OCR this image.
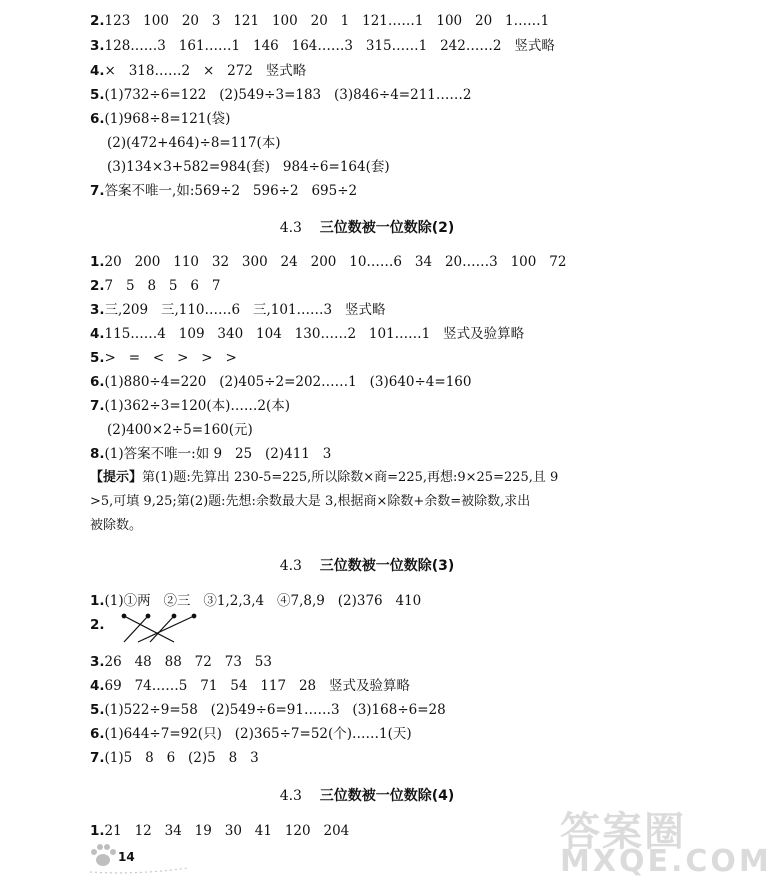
2.123   100   20   3   121   100   20   1   121……1   100   20   1……1
3.128……3   161……1   146   164……3   315……1   242……2   竖式略
4.×   318……2   ×   272   竖式略
5.(1)732÷6=122   (2)549÷3=183   (3)846÷4=211……2
6.(1)968÷8=121(袋)
(2)(472+464)÷8=117(本)
(3)134×3+582=984(套)   984÷6=164(套)
7.答案不唯一,如:569÷2   596÷2   695÷2
4.3 三位数被一位数除(2)
1.20   200   110   32   300   24   200   10……6   34   20……3   100   72
2.7   5   8   5   6   7
3.三,209   三,110……6   三,101……3   竖式略
4.115……4   109   340   104   130……2   101……1   竖式及验算略
5.>   =   <   >   >   >
6.(1)880÷4=220   (2)405÷2=202……1   (3)640÷4=160
7.(1)362÷3=120(本)……2(本)
(2)400×2÷5=160(元)
8.(1)答案不唯一:如 9   25   (2)411   3
【提示】第(1)题:先算出 230-5=225,所以除数×商=225,再想:9×25=225,且 9
>5,可填 9,25;第(2)题:先想:余数最大是 3,根据商×除数+余数=被除数,求出
被除数。
4.3 三位数被一位数除(3)
1.(1)①两   ②三   ③1,2,3,4   ④7,8,9   (2)376   410
2.
3.26   48   88   72   73   53
4.69   74……5   71   54   117   28   竖式及验算略
5.(1)522÷9=58   (2)549÷6=91……3   (3)168÷6=28
6.(1)644÷7=92(只)   (2)365÷7=52(个)……1(天)
7.(1)5   8   6   (2)5   8   3
4.3 三位数被一位数除(4)
1.21   12   34   19   30   41   120   204
14
答案圈
MXQE.COM
